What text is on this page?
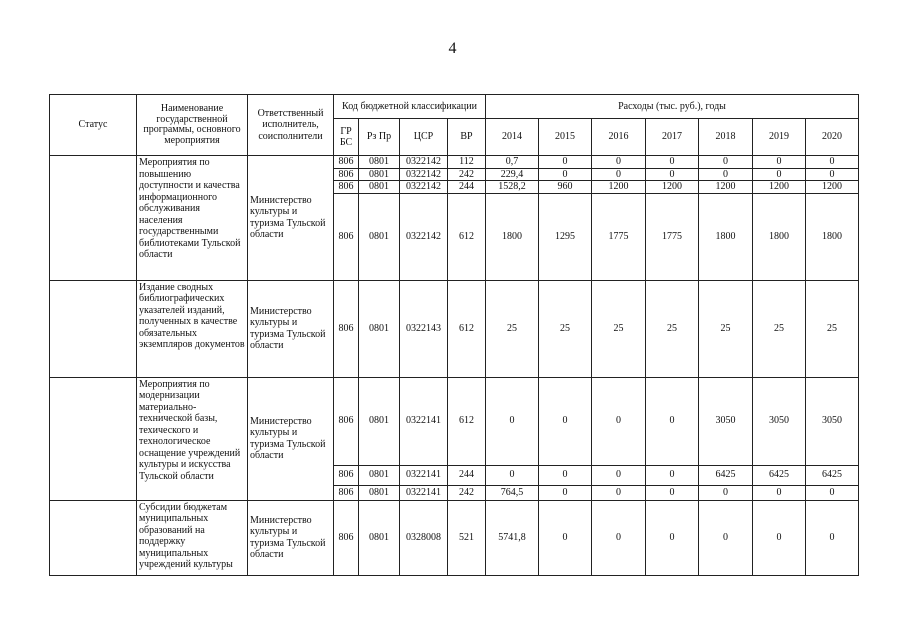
4
Статус	Наименование государственной программы, основного мероприятия	Ответственный исполнитель, соисполнители	Код бюджетной классификации				Расходы (тыс. руб.), годы						
			ГР БС	Рз Пр	ЦСР	ВР	2014	2015	2016	2017	2018	2019	2020
	Мероприятия по повышению доступности и качества информационного обслуживания населения государственными библиотеками Тульской области	Министерство культуры и туризма Тульской области	806	0801	0322142	112	0,7	0	0	0	0	0	0
			806	0801	0322142	242	229,4	0	0	0	0	0	0
			806	0801	0322142	244	1528,2	960	1200	1200	1200	1200	1200
			806	0801	0322142	612	1800	1295	1775	1775	1800	1800	1800
	Издание сводных библиографических указателей изданий, полученных в качестве обязательных экземпляров документов	Министерство культуры и туризма Тульской области	806	0801	0322143	612	25	25	25	25	25	25	25
	Мероприятия по модернизации материально-технической базы, техического и технологическое оснащение учреждений культуры и искусства Тульской области	Министерство культуры и туризма Тульской области	806	0801	0322141	612	0	0	0	0	3050	3050	3050
			806	0801	0322141	244	0	0	0	0	6425	6425	6425
			806	0801	0322141	242	764,5	0	0	0	0	0	0
	Субсидии бюджетам муниципальных образований на поддержку муниципальных учреждений культуры	Министерство культуры и туризма Тульской области	806	0801	0328008	521	5741,8	0	0	0	0	0	0
